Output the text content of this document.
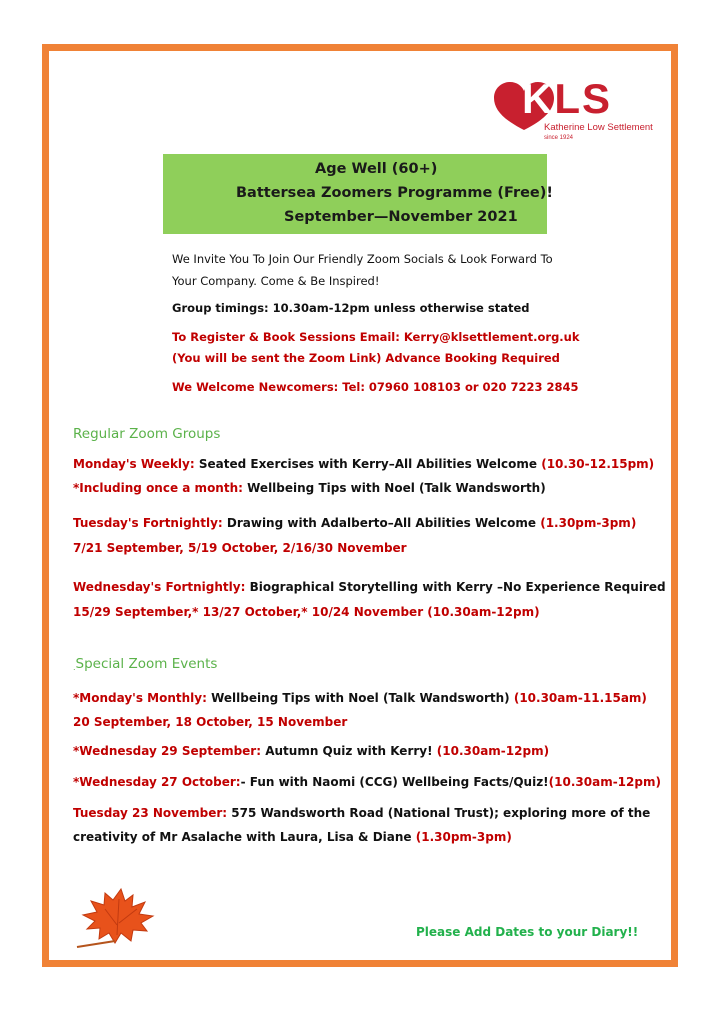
KLS
Katherine Low Settlement
since 1924
Age Well (60+)
Battersea Zoomers Programme (Free)!
September—November 2021
We Invite You To Join Our Friendly Zoom Socials & Look Forward To
Your Company. Come & Be Inspired!
Group timings: 10.30am-12pm unless otherwise stated
To Register & Book Sessions Email: Kerry@klsettlement.org.uk
(You will be sent the Zoom Link) Advance Booking Required
We Welcome Newcomers: Tel: 07960 108103 or 020 7223 2845
Regular Zoom Groups
Monday's Weekly: Seated Exercises with Kerry–All Abilities Welcome (10.30-12.15pm)
*Including once a month: Wellbeing Tips with Noel (Talk Wandsworth)
Tuesday's Fortnightly: Drawing with Adalberto–All Abilities Welcome (1.30pm-3pm)
7/21 September, 5/19 October, 2/16/30 November
Wednesday's Fortnightly: Biographical Storytelling with Kerry –No Experience Required
15/29 September,* 13/27 October,* 10/24 November (10.30am-12pm)
.Special Zoom Events
*Monday's Monthly: Wellbeing Tips with Noel (Talk Wandsworth) (10.30am-11.15am)
20 September, 18 October, 15 November
*Wednesday 29 September: Autumn Quiz with Kerry! (10.30am-12pm)
*Wednesday 27 October:- Fun with Naomi (CCG) Wellbeing Facts/Quiz!(10.30am-12pm)
Tuesday 23 November: 575 Wandsworth Road (National Trust); exploring more of the
creativity of Mr Asalache with Laura, Lisa & Diane (1.30pm-3pm)
Please Add Dates to your Diary!!
